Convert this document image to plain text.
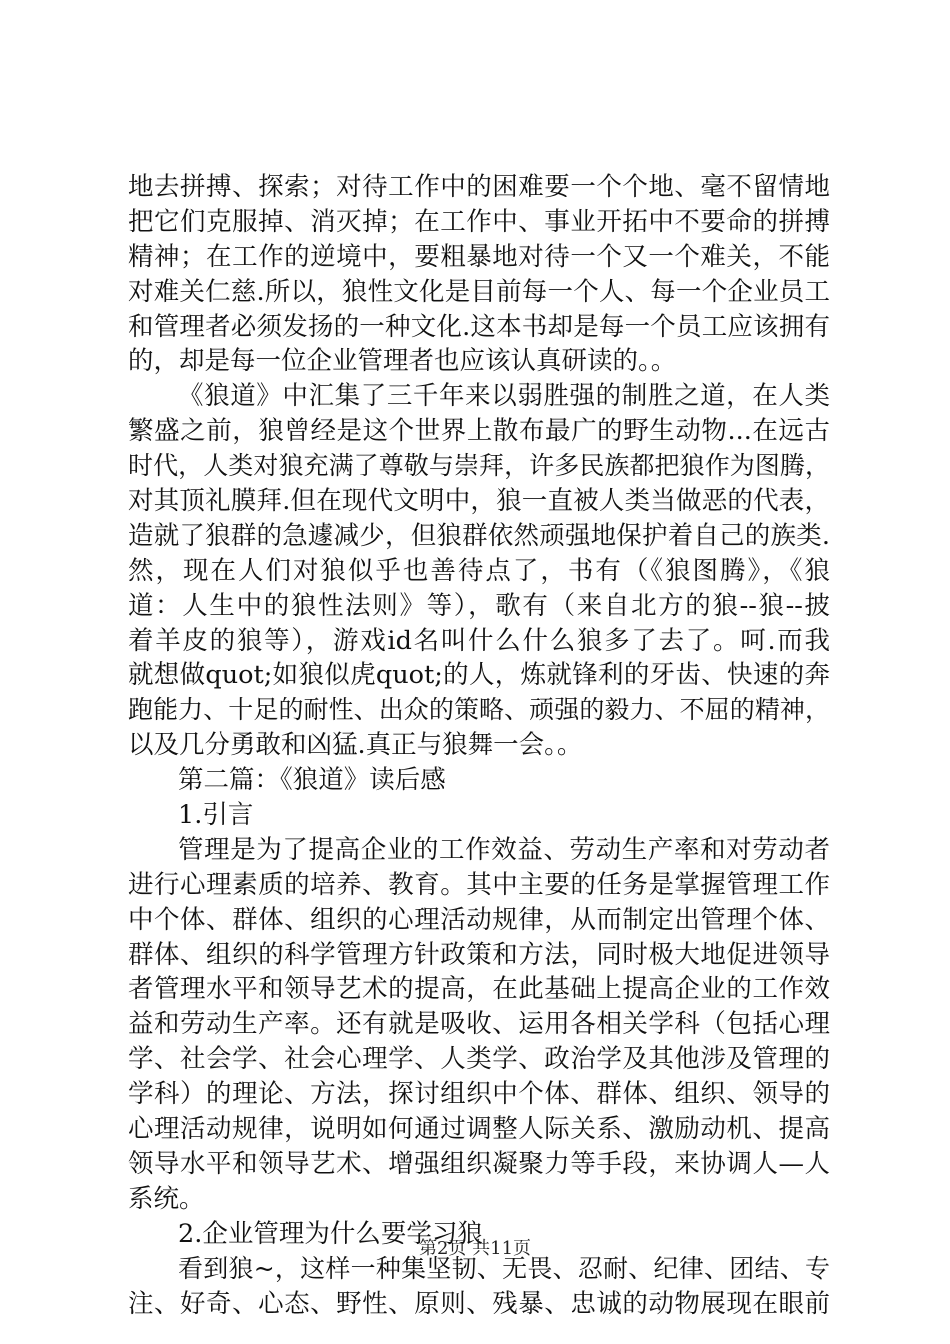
地去拼搏、探索；对待工作中的困难要一个个地、毫不留情地
把它们克服掉、消灭掉；在工作中、事业开拓中不要命的拼搏
精神；在工作的逆境中，要粗暴地对待一个又一个难关，不能
对难关仁慈.所以，狼性文化是目前每一个人、每一个企业员工
和管理者必须发扬的一种文化.这本书却是每一个员工应该拥有
的，却是每一位企业管理者也应该认真研读的。。
《狼道》中汇集了三千年来以弱胜强的制胜之道，在人类
繁盛之前，狼曾经是这个世界上散布最广的野生动物...在远古
时代，人类对狼充满了尊敬与崇拜，许多民族都把狼作为图腾，
对其顶礼膜拜.但在现代文明中，狼一直被人类当做恶的代表，
造就了狼群的急遽减少，但狼群依然顽强地保护着自己的族类.
然，现在人们对狼似乎也善待点了，书有（《狼图腾》，《狼
道：人生中的狼性法则》等），歌有（来自北方的狼--狼--披
着羊皮的狼等），游戏id名叫什么什么狼多了去了。呵.而我
就想做quot;如狼似虎quot;的人，炼就锋利的牙齿、快速的奔
跑能力、十足的耐性、出众的策略、顽强的毅力、不屈的精神，
以及几分勇敢和凶猛.真正与狼舞一会。。
第二篇：《狼道》读后感
1.引言
管理是为了提高企业的工作效益、劳动生产率和对劳动者
进行心理素质的培养、教育。其中主要的任务是掌握管理工作
中个体、群体、组织的心理活动规律，从而制定出管理个体、
群体、组织的科学管理方针政策和方法，同时极大地促进领导
者管理水平和领导艺术的提高，在此基础上提高企业的工作效
益和劳动生产率。还有就是吸收、运用各相关学科（包括心理
学、社会学、社会心理学、人类学、政治学及其他涉及管理的
学科）的理论、方法，探讨组织中个体、群体、组织、领导的
心理活动规律，说明如何通过调整人际关系、激励动机、提高
领导水平和领导艺术、增强组织凝聚力等手段，来协调人—人
系统。
2.企业管理为什么要学习狼
看到狼~，这样一种集坚韧、无畏、忍耐、纪律、团结、专
注、好奇、心态、野性、原则、残暴、忠诚的动物展现在眼前
第2页 共11页
